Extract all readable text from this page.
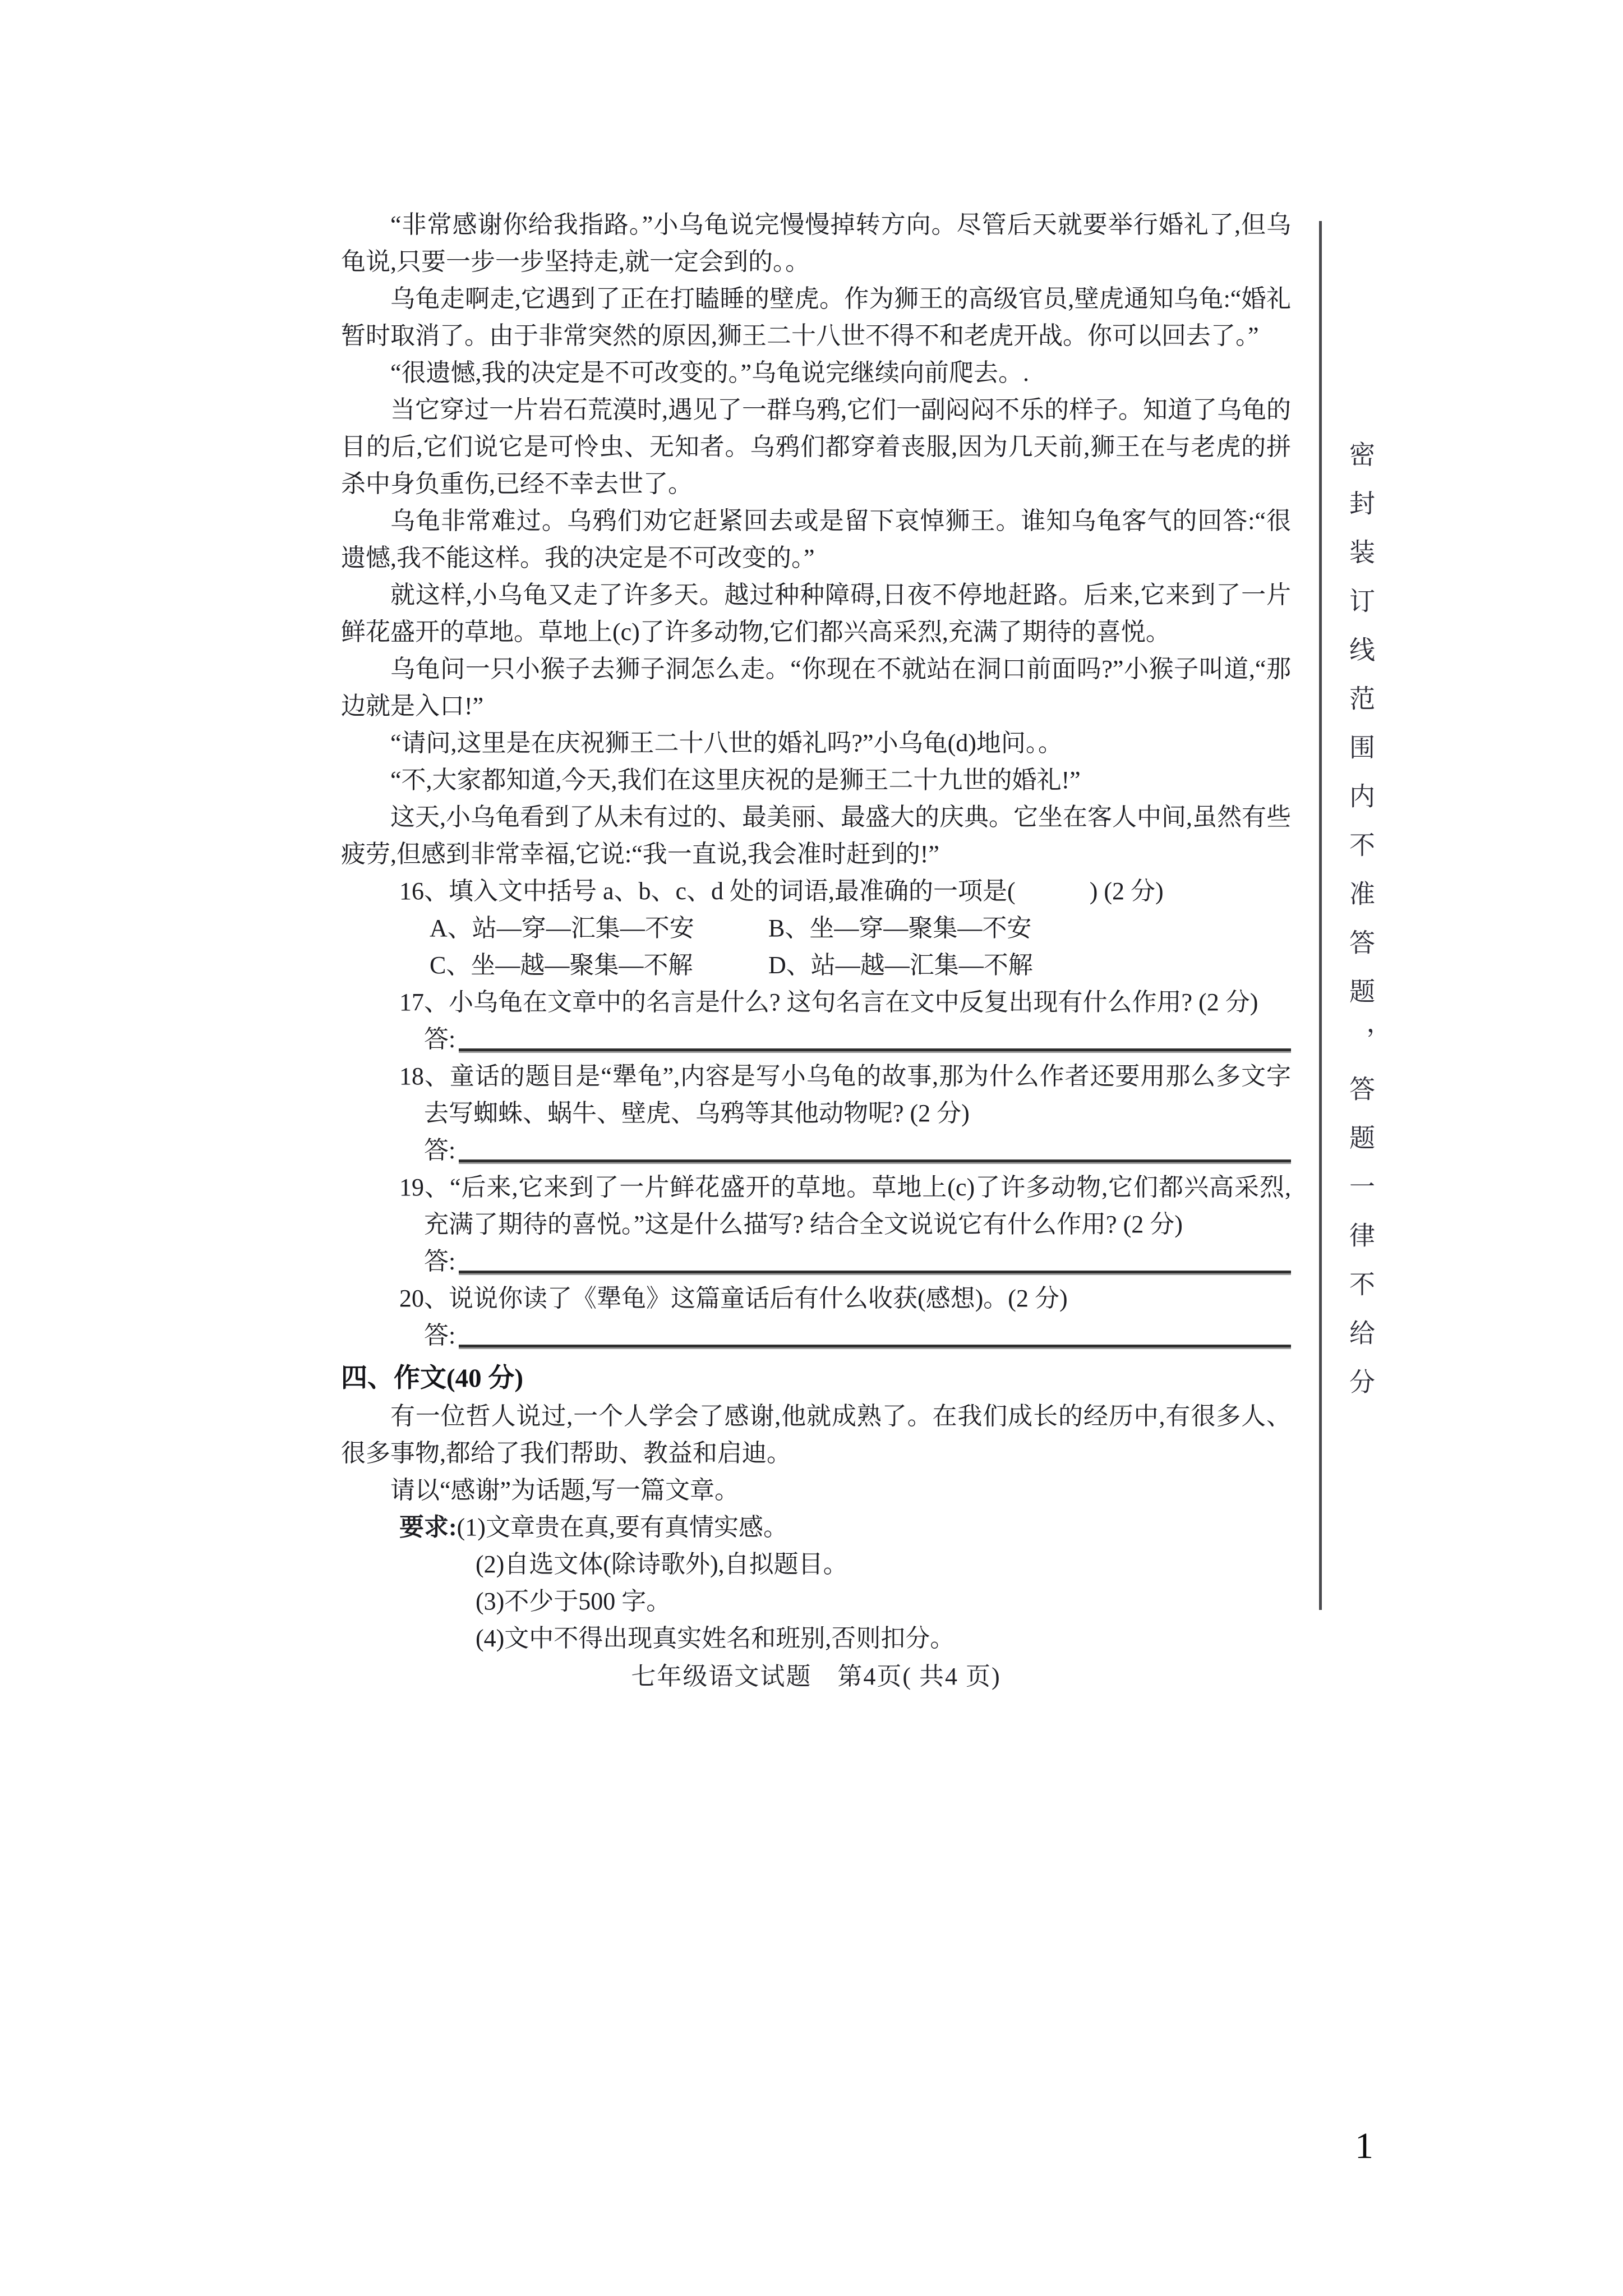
“非常感谢你给我指路。”小乌龟说完慢慢掉转方向。尽管后天就要举行婚礼了,但乌龟说,只要一步一步坚持走,就一定会到的。。

乌龟走啊走,它遇到了正在打瞌睡的壁虎。作为狮王的高级官员,壁虎通知乌龟:“婚礼暂时取消了。由于非常突然的原因,狮王二十八世不得不和老虎开战。你可以回去了。”

“很遗憾,我的决定是不可改变的。”乌龟说完继续向前爬去。.

当它穿过一片岩石荒漠时,遇见了一群乌鸦,它们一副闷闷不乐的样子。知道了乌龟的目的后,它们说它是可怜虫、无知者。乌鸦们都穿着丧服,因为几天前,狮王在与老虎的拼杀中身负重伤,已经不幸去世了。

乌龟非常难过。乌鸦们劝它赶紧回去或是留下哀悼狮王。谁知乌龟客气的回答:“很遗憾,我不能这样。我的决定是不可改变的。”

就这样,小乌龟又走了许多天。越过种种障碍,日夜不停地赶路。后来,它来到了一片鲜花盛开的草地。草地上(c)了许多动物,它们都兴高采烈,充满了期待的喜悦。

乌龟问一只小猴子去狮子洞怎么走。“你现在不就站在洞口前面吗?”小猴子叫道,“那边就是入口!”

“请问,这里是在庆祝狮王二十八世的婚礼吗?”小乌龟(d)地问。。

“不,大家都知道,今天,我们在这里庆祝的是狮王二十九世的婚礼!”

这天,小乌龟看到了从未有过的、最美丽、最盛大的庆典。它坐在客人中间,虽然有些疲劳,但感到非常幸福,它说:“我一直说,我会准时赶到的!”

16、填入文中括号 a、b、c、d 处的词语,最准确的一项是(　　　) (2 分)
A、站—穿—汇集—不安	B、坐—穿—聚集—不安
C、坐—越—聚集—不解	D、站—越—汇集—不解
17、小乌龟在文章中的名言是什么? 这句名言在文中反复出现有什么作用? (2 分)
答:
18、童话的题目是“犟龟”,内容是写小乌龟的故事,那为什么作者还要用那么多文字去写蜘蛛、蜗牛、壁虎、乌鸦等其他动物呢? (2 分)
答:
19、“后来,它来到了一片鲜花盛开的草地。草地上(c)了许多动物,它们都兴高采烈,充满了期待的喜悦。”这是什么描写? 结合全文说说它有什么作用? (2 分)
答:
20、说说你读了《犟龟》这篇童话后有什么收获(感想)。(2 分)
答:
四、作文(40 分)

有一位哲人说过,一个人学会了感谢,他就成熟了。在我们成长的经历中,有很多人、很多事物,都给了我们帮助、教益和启迪。

请以“感谢”为话题,写一篇文章。

要求:(1)文章贵在真,要有真情实感。
(2)自选文体(除诗歌外),自拟题目。
(3)不少于500 字。
(4)文中不得出现真实姓名和班别,否则扣分。
七年级语文试题　第4页( 共4 页)
密封装订线范围内不准答题，答题一律不给分
1
